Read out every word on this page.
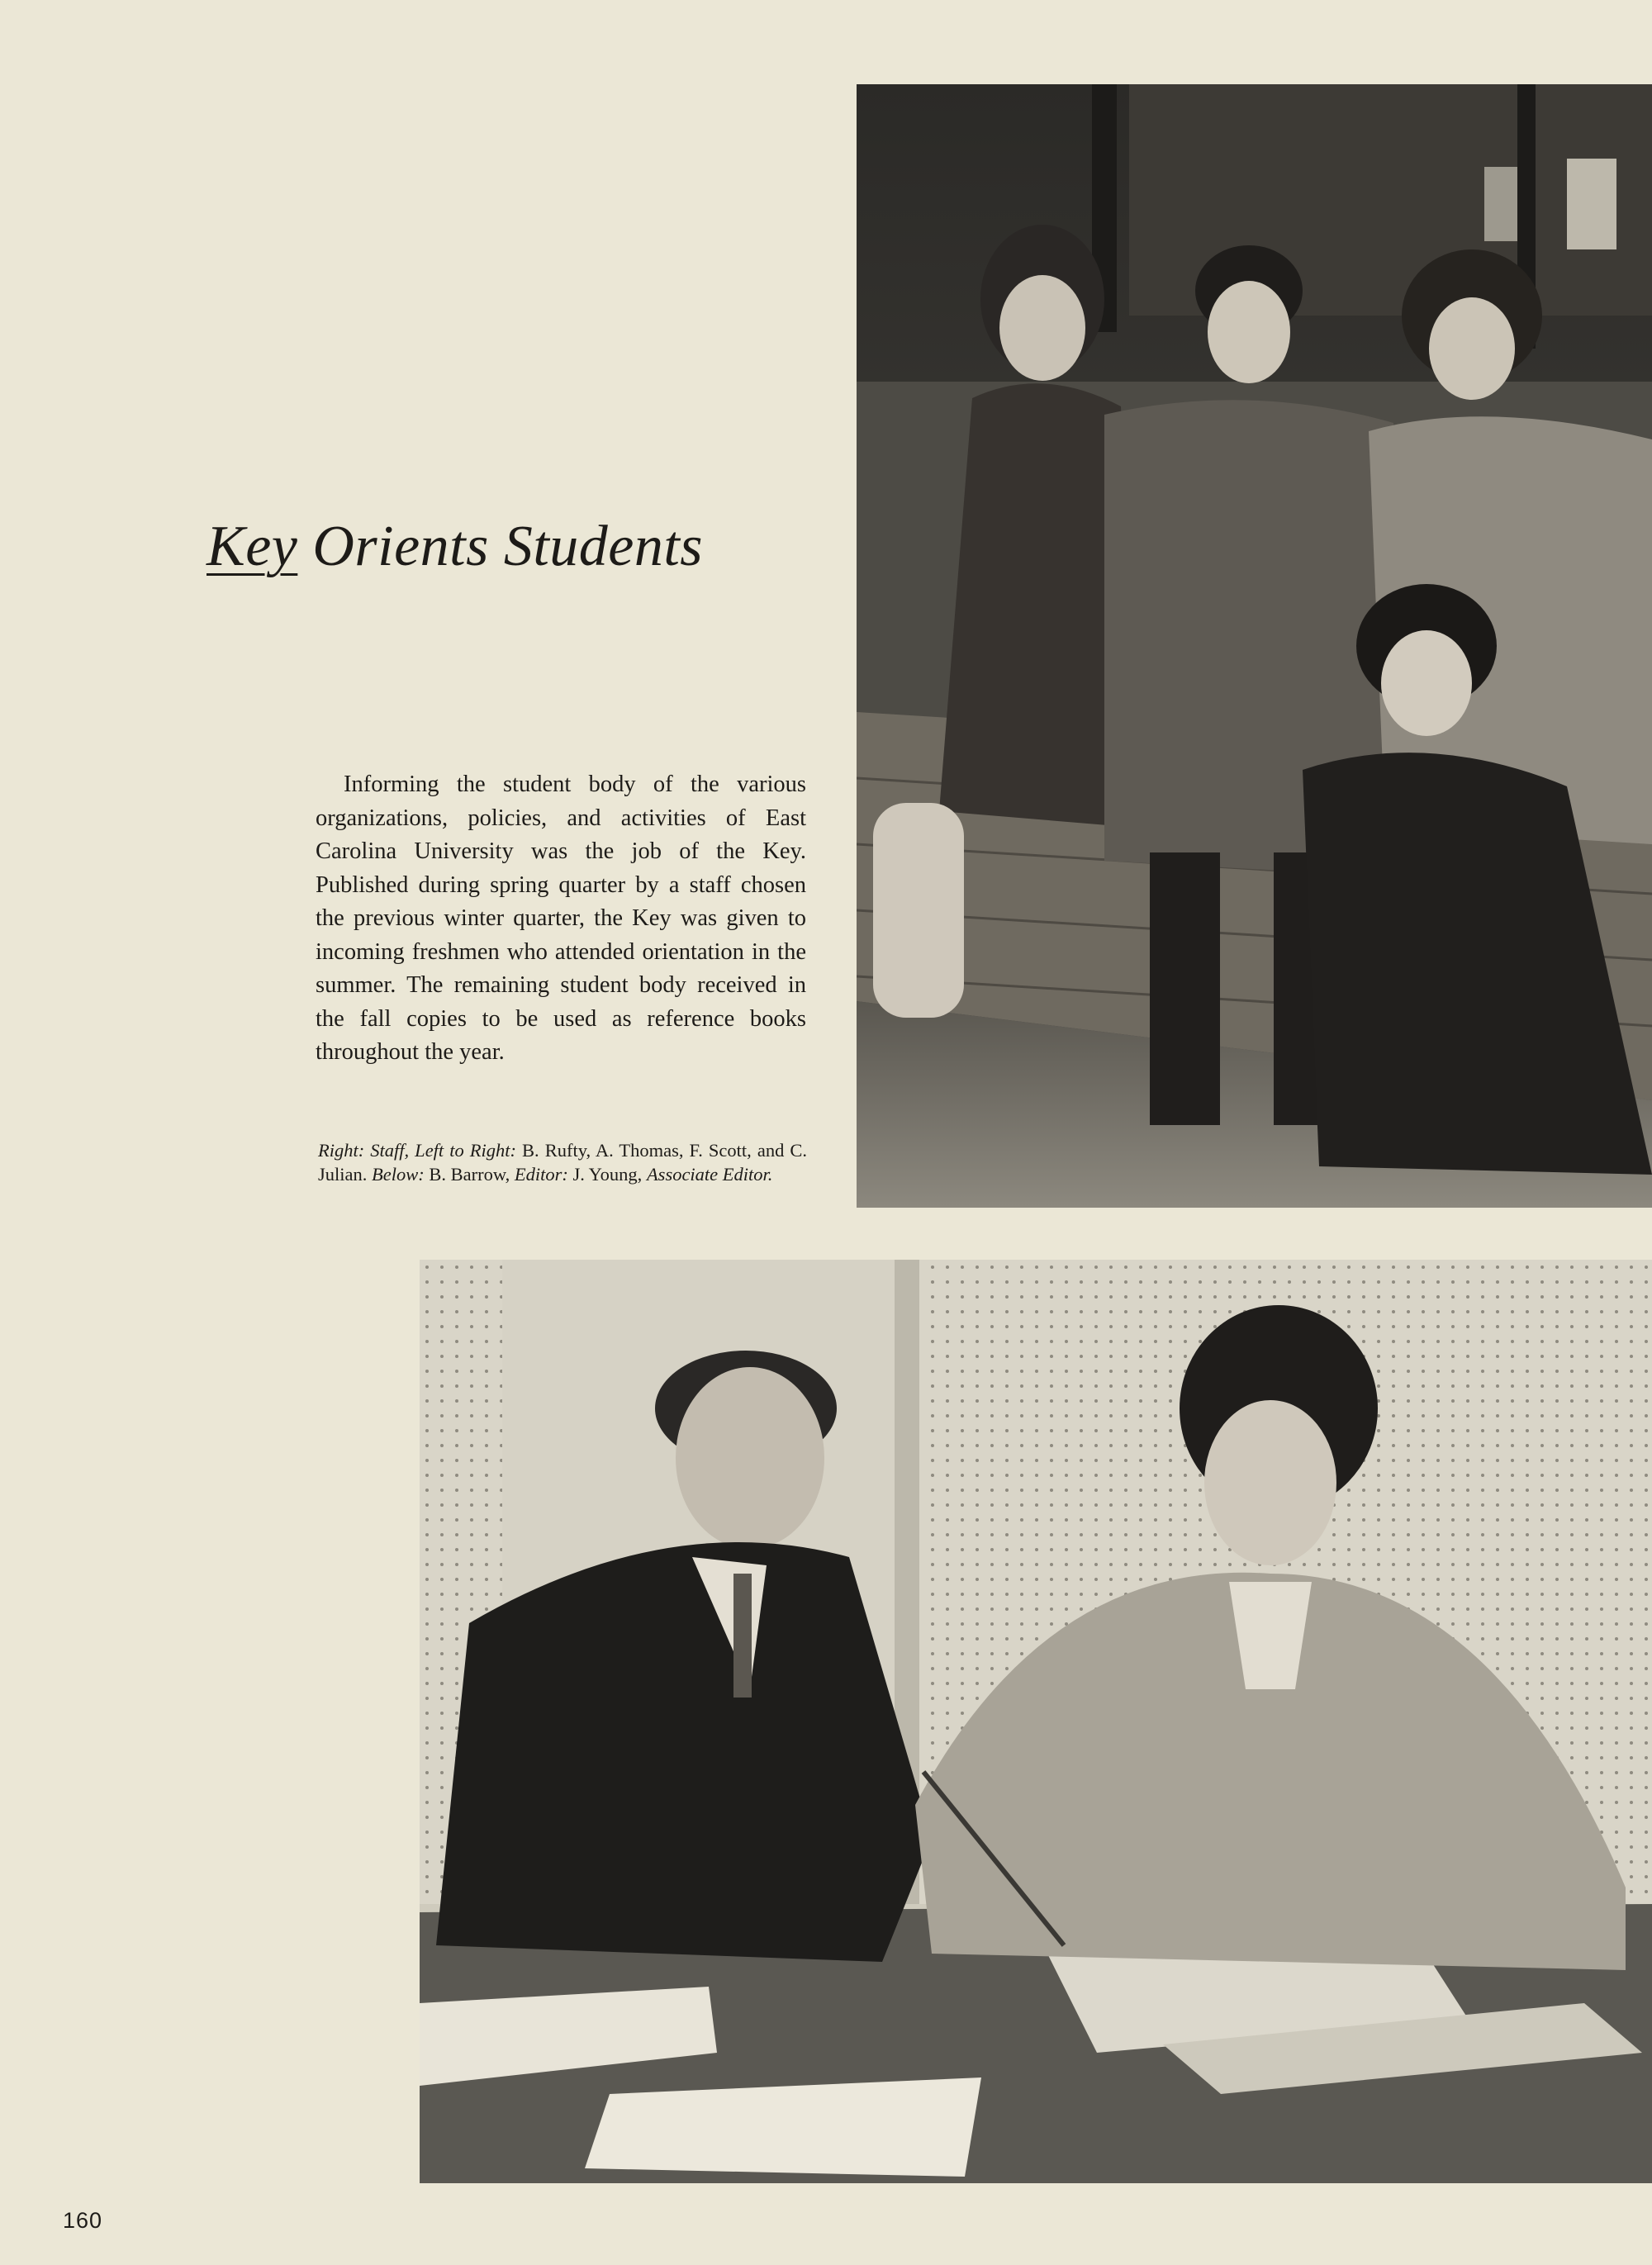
Key Orients Students

Informing the student body of the various organizations, policies, and activities of East Carolina University was the job of the Key. Published during spring quarter by a staff chosen the previous winter quarter, the Key was given to incoming freshmen who attended orientation in the summer. The remaining student body received in the fall copies to be used as reference books throughout the year.

Right: Staff, Left to Right: B. Rufty, A. Thomas, F. Scott, and C. Julian. Below: B. Barrow, Editor: J. Young, Associate Editor.

160
